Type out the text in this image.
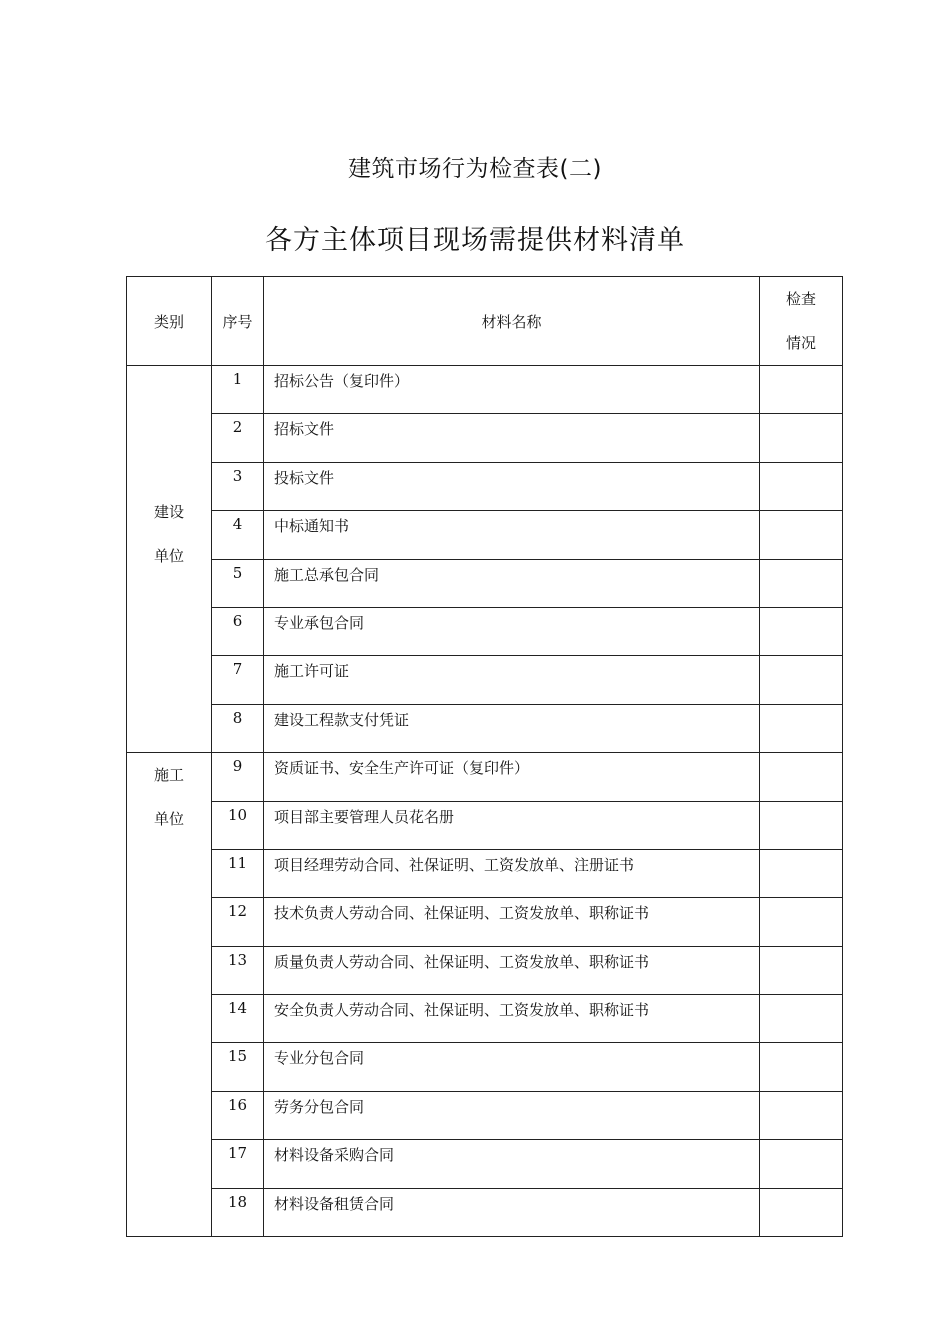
建筑市场行为检查表(二)
各方主体项目现场需提供材料清单
类别	序号	材料名称	检查
情况

建设
单位	1	招标公告（复印件）	
	2	招标文件	
	3	投标文件	
	4	中标通知书	
	5	施工总承包合同	
	6	专业承包合同	
	7	施工许可证	
	8	建设工程款支付凭证	

施工
单位	9	资质证书、安全生产许可证（复印件）	
	10	项目部主要管理人员花名册	
	11	项目经理劳动合同、社保证明、工资发放单、注册证书	
	12	技术负责人劳动合同、社保证明、工资发放单、职称证书	
	13	质量负责人劳动合同、社保证明、工资发放单、职称证书	
	14	安全负责人劳动合同、社保证明、工资发放单、职称证书	
	15	专业分包合同	
	16	劳务分包合同	
	17	材料设备采购合同	
	18	材料设备租赁合同	
